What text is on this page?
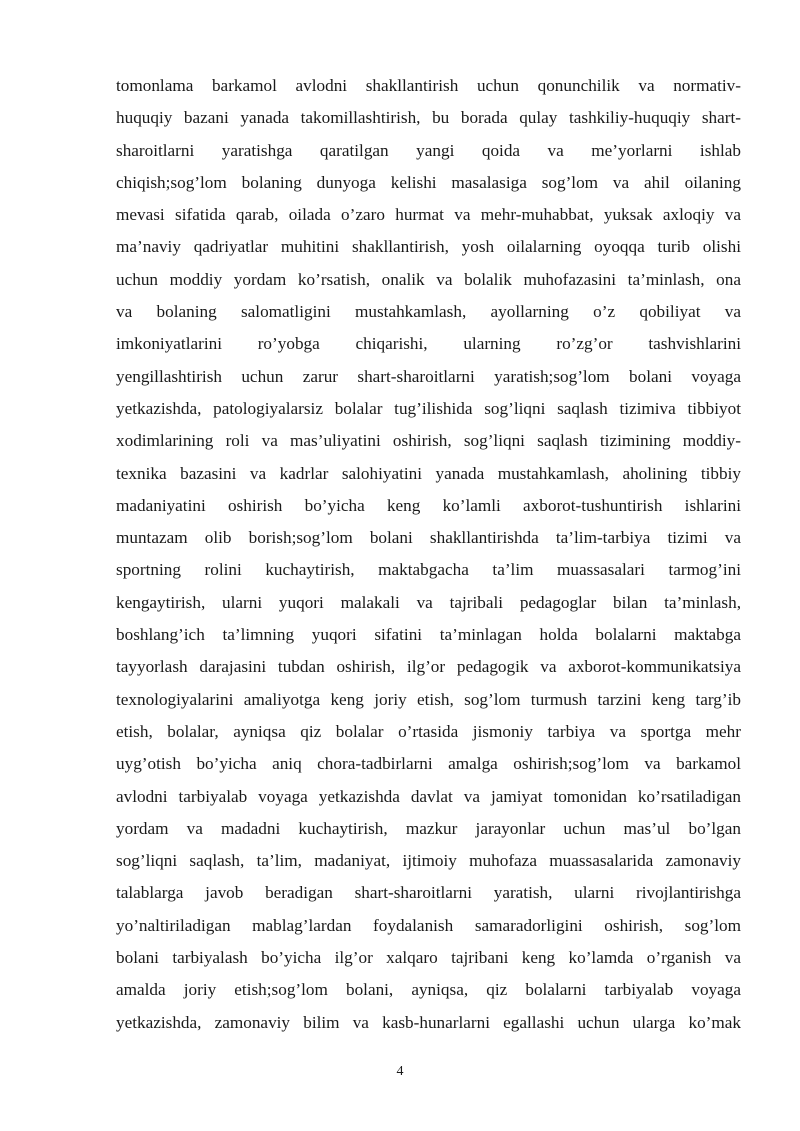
tomonlama barkamol avlodni shakllantirish uchun qonunchilik va normativ-
huquqiy bazani yanada takomillashtirish, bu borada qulay tashkiliy-huquqiy shart-
sharoitlarni yaratishga qaratilgan yangi qoida va me’yorlarni ishlab
chiqish;sog’lom bolaning dunyoga kelishi masalasiga sog’lom va ahil oilaning
mevasi sifatida qarab, oilada o’zaro hurmat va mehr-muhabbat, yuksak axloqiy va
ma’naviy qadriyatlar muhitini shakllantirish, yosh oilalarning oyoqqa turib olishi
uchun moddiy yordam ko’rsatish, onalik va bolalik muhofazasini ta’minlash, ona
va bolaning salomatligini mustahkamlash, ayollarning o’z qobiliyat va
imkoniyatlarini ro’yobga chiqarishi, ularning ro’zg’or tashvishlarini
yengillashtirish uchun zarur shart-sharoitlarni yaratish;sog’lom bolani voyaga
yetkazishda, patologiyalarsiz bolalar tug’ilishida sog’liqni saqlash tizimiva tibbiyot
xodimlarining roli va mas’uliyatini oshirish, sog’liqni saqlash tizimining moddiy-
texnika bazasini va kadrlar salohiyatini yanada mustahkamlash, aholining tibbiy
madaniyatini oshirish bo’yicha keng ko’lamli axborot-tushuntirish ishlarini
muntazam olib borish;sog’lom bolani shakllantirishda ta’lim-tarbiya tizimi va
sportning rolini kuchaytirish, maktabgacha ta’lim muassasalari tarmog’ini
kengaytirish, ularni yuqori malakali va tajribali pedagoglar bilan ta’minlash,
boshlang’ich ta’limning yuqori sifatini ta’minlagan holda bolalarni maktabga
tayyorlash darajasini tubdan oshirish, ilg’or pedagogik va axborot-kommunikatsiya
texnologiyalarini amaliyotga keng joriy etish, sog’lom turmush tarzini keng targ’ib
etish, bolalar, ayniqsa qiz bolalar o’rtasida jismoniy tarbiya va sportga mehr
uyg’otish bo’yicha aniq chora-tadbirlarni amalga oshirish;sog’lom va barkamol
avlodni tarbiyalab voyaga yetkazishda davlat va jamiyat tomonidan ko’rsatiladigan
yordam va madadni kuchaytirish, mazkur jarayonlar uchun mas’ul bo’lgan
sog’liqni saqlash, ta’lim, madaniyat, ijtimoiy muhofaza muassasalarida zamonaviy
talablarga javob beradigan shart-sharoitlarni yaratish, ularni rivojlantirishga
yo’naltiriladigan mablag’lardan foydalanish samaradorligini oshirish, sog’lom
bolani tarbiyalash bo’yicha ilg’or xalqaro tajribani keng ko’lamda o’rganish va
amalda joriy etish;sog’lom bolani, ayniqsa, qiz bolalarni tarbiyalab voyaga
yetkazishda, zamonaviy bilim va kasb-hunarlarni egallashi uchun ularga ko’mak
4
